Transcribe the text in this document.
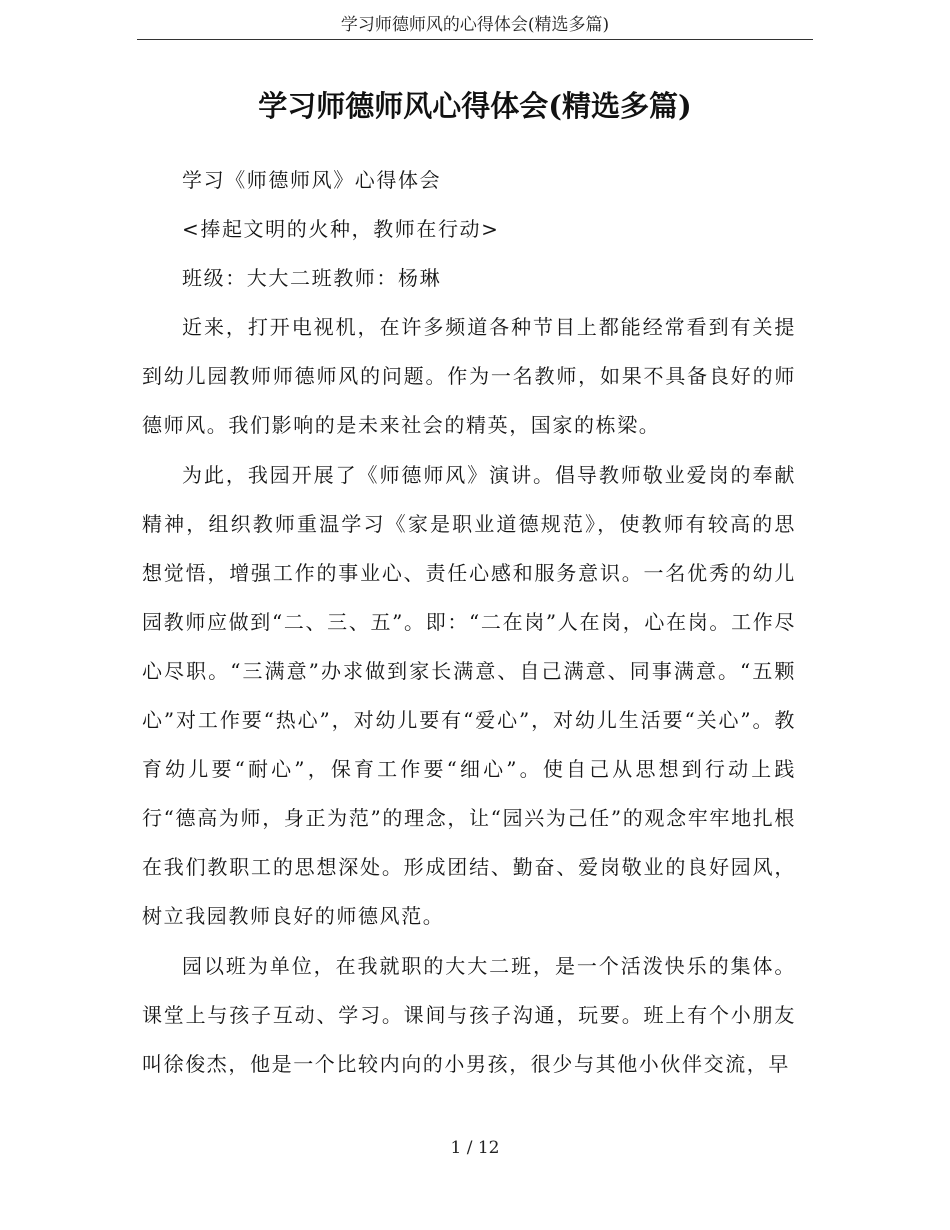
学习师德师风的心得体会(精选多篇)
学习师德师风心得体会(精选多篇)

学习《师德师风》心得体会

<捧起文明的火种，教师在行动>

班级：大大二班教师：杨琳

近来，打开电视机，在许多频道各种节目上都能经常看到有关提到幼儿园教师师德师风的问题。作为一名教师，如果不具备良好的师德师风。我们影响的是未来社会的精英，国家的栋梁。

为此，我园开展了《师德师风》演讲。倡导教师敬业爱岗的奉献精神，组织教师重温学习《家是职业道德规范》，使教师有较高的思想觉悟，增强工作的事业心、责任心感和服务意识。一名优秀的幼儿园教师应做到“二、三、五”。即：“二在岗”人在岗，心在岗。工作尽心尽职。“三满意”办求做到家长满意、自己满意、同事满意。“五颗心”对工作要“热心”，对幼儿要有“爱心”，对幼儿生活要“关心”。教育幼儿要“耐心”，保育工作要“细心”。使自己从思想到行动上践行“德高为师，身正为范”的理念，让“园兴为己任”的观念牢牢地扎根在我们教职工的思想深处。形成团结、勤奋、爱岗敬业的良好园风，树立我园教师良好的师德风范。

园以班为单位，在我就职的大大二班，是一个活泼快乐的集体。课堂上与孩子互动、学习。课间与孩子沟通，玩要。班上有个小朋友叫徐俊杰，他是一个比较内向的小男孩，很少与其他小伙伴交流，早

1 / 12
